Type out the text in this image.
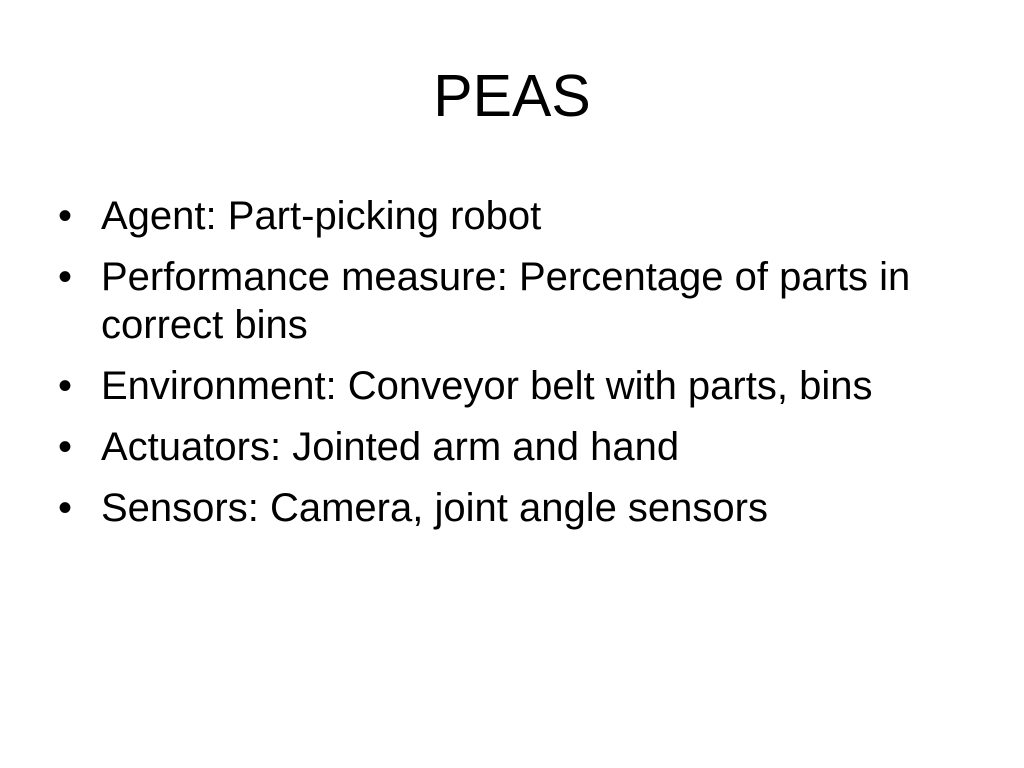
PEAS
• Agent: Part-picking robot
• Performance measure: Percentage of parts in correct bins
• Environment: Conveyor belt with parts, bins
• Actuators: Jointed arm and hand
• Sensors: Camera, joint angle sensors
